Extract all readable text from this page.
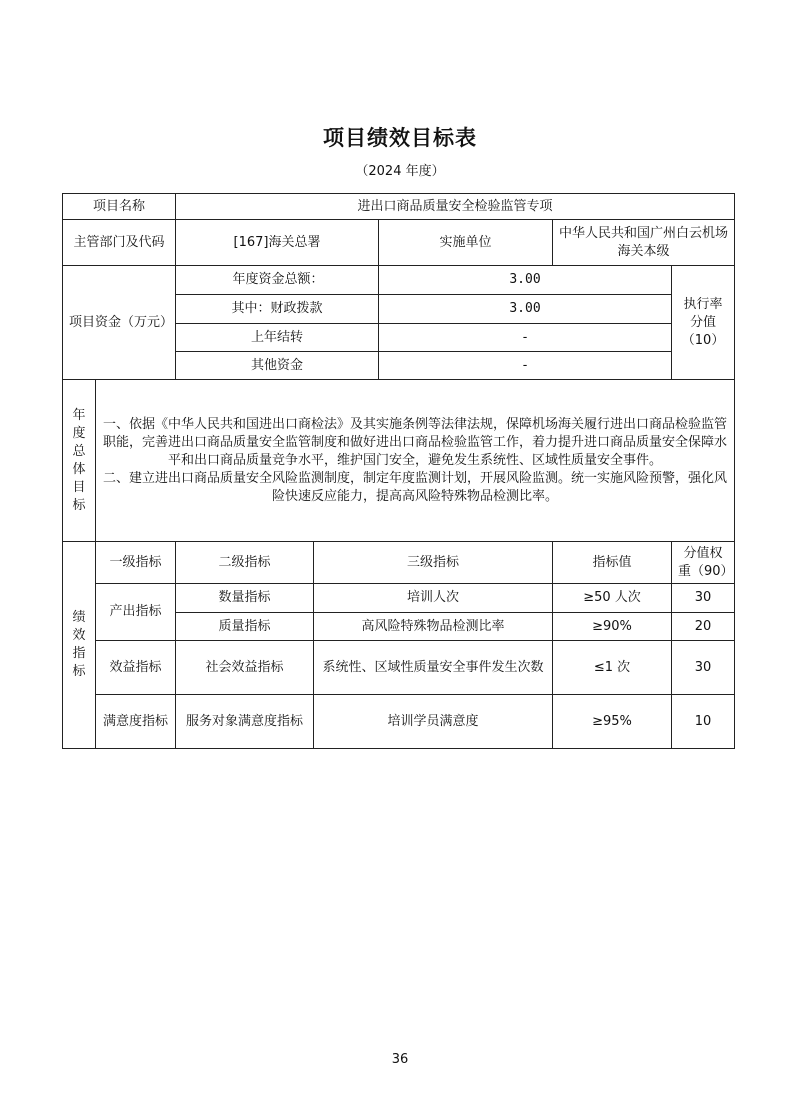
项目绩效目标表
（2024 年度）
项目名称		进出口商品质量安全检验监管专项				
主管部门及代码		[167]海关总署		实施单位	中华人民共和国广州白云机场海关本级	
项目资金（万元）		年度资金总额：		3.00		执行率分值（10）
		其中：财政拨款		3.00		
		上年结转		-		
		其他资金		-		
年度总体目标	一、依据《中华人民共和国进出口商检法》及其实施条例等法律法规，保障机场海关履行进出口商品检验监管职能，完善进出口商品质量安全监管制度和做好进出口商品检验监管工作，着力提升进口商品质量安全保障水平和出口商品质量竞争水平，维护国门安全，避免发生系统性、区域性质量安全事件。
二、建立进出口商品质量安全风险监测制度，制定年度监测计划，开展风险监测。统一实施风险预警，强化风险快速反应能力，提高高风险特殊物品检测比率。					

绩效指标	一级指标	二级指标	三级指标		指标值	分值权重（90）
	产出指标	数量指标	培训人次		≥50 人次	30
		质量指标	高风险特殊物品检测比率		≥90%	20
	效益指标	社会效益指标	系统性、区域性质量安全事件发生次数		≤1 次	30
	满意度指标	服务对象满意度指标	培训学员满意度		≥95%	10
36
